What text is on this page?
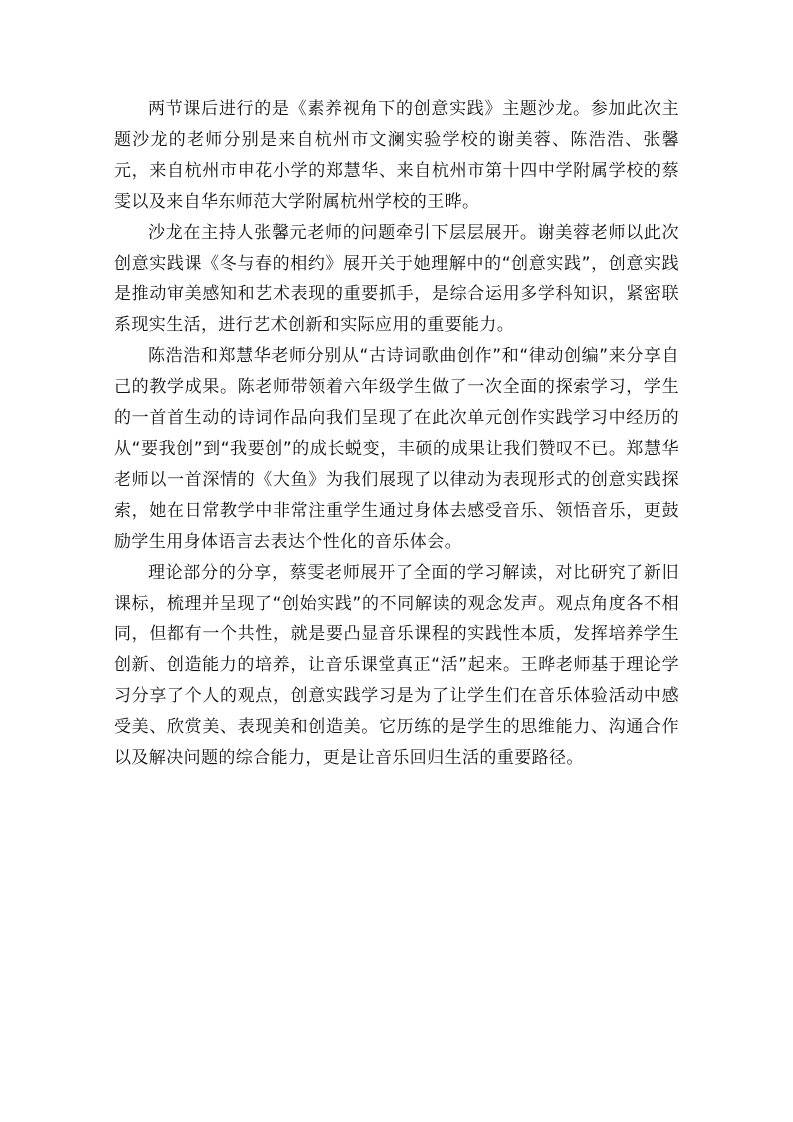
两节课后进行的是《素养视角下的创意实践》主题沙龙。参加此次主题沙龙的老师分别是来自杭州市文澜实验学校的谢美蓉、陈浩浩、张馨元，来自杭州市申花小学的郑慧华、来自杭州市第十四中学附属学校的蔡雯以及来自华东师范大学附属杭州学校的王晔。

沙龙在主持人张馨元老师的问题牵引下层层展开。谢美蓉老师以此次创意实践课《冬与春的相约》展开关于她理解中的“创意实践”，创意实践是推动审美感知和艺术表现的重要抓手，是综合运用多学科知识，紧密联系现实生活，进行艺术创新和实际应用的重要能力。

陈浩浩和郑慧华老师分别从“古诗词歌曲创作”和“律动创编”来分享自己的教学成果。陈老师带领着六年级学生做了一次全面的探索学习，学生的一首首生动的诗词作品向我们呈现了在此次单元创作实践学习中经历的从“要我创”到“我要创”的成长蜕变，丰硕的成果让我们赞叹不已。郑慧华老师以一首深情的《大鱼》为我们展现了以律动为表现形式的创意实践探索，她在日常教学中非常注重学生通过身体去感受音乐、领悟音乐，更鼓励学生用身体语言去表达个性化的音乐体会。

理论部分的分享，蔡雯老师展开了全面的学习解读，对比研究了新旧课标，梳理并呈现了“创始实践”的不同解读的观念发声。观点角度各不相同，但都有一个共性，就是要凸显音乐课程的实践性本质，发挥培养学生创新、创造能力的培养，让音乐课堂真正“活”起来。王晔老师基于理论学习分享了个人的观点，创意实践学习是为了让学生们在音乐体验活动中感受美、欣赏美、表现美和创造美。它历练的是学生的思维能力、沟通合作以及解决问题的综合能力，更是让音乐回归生活的重要路径。
